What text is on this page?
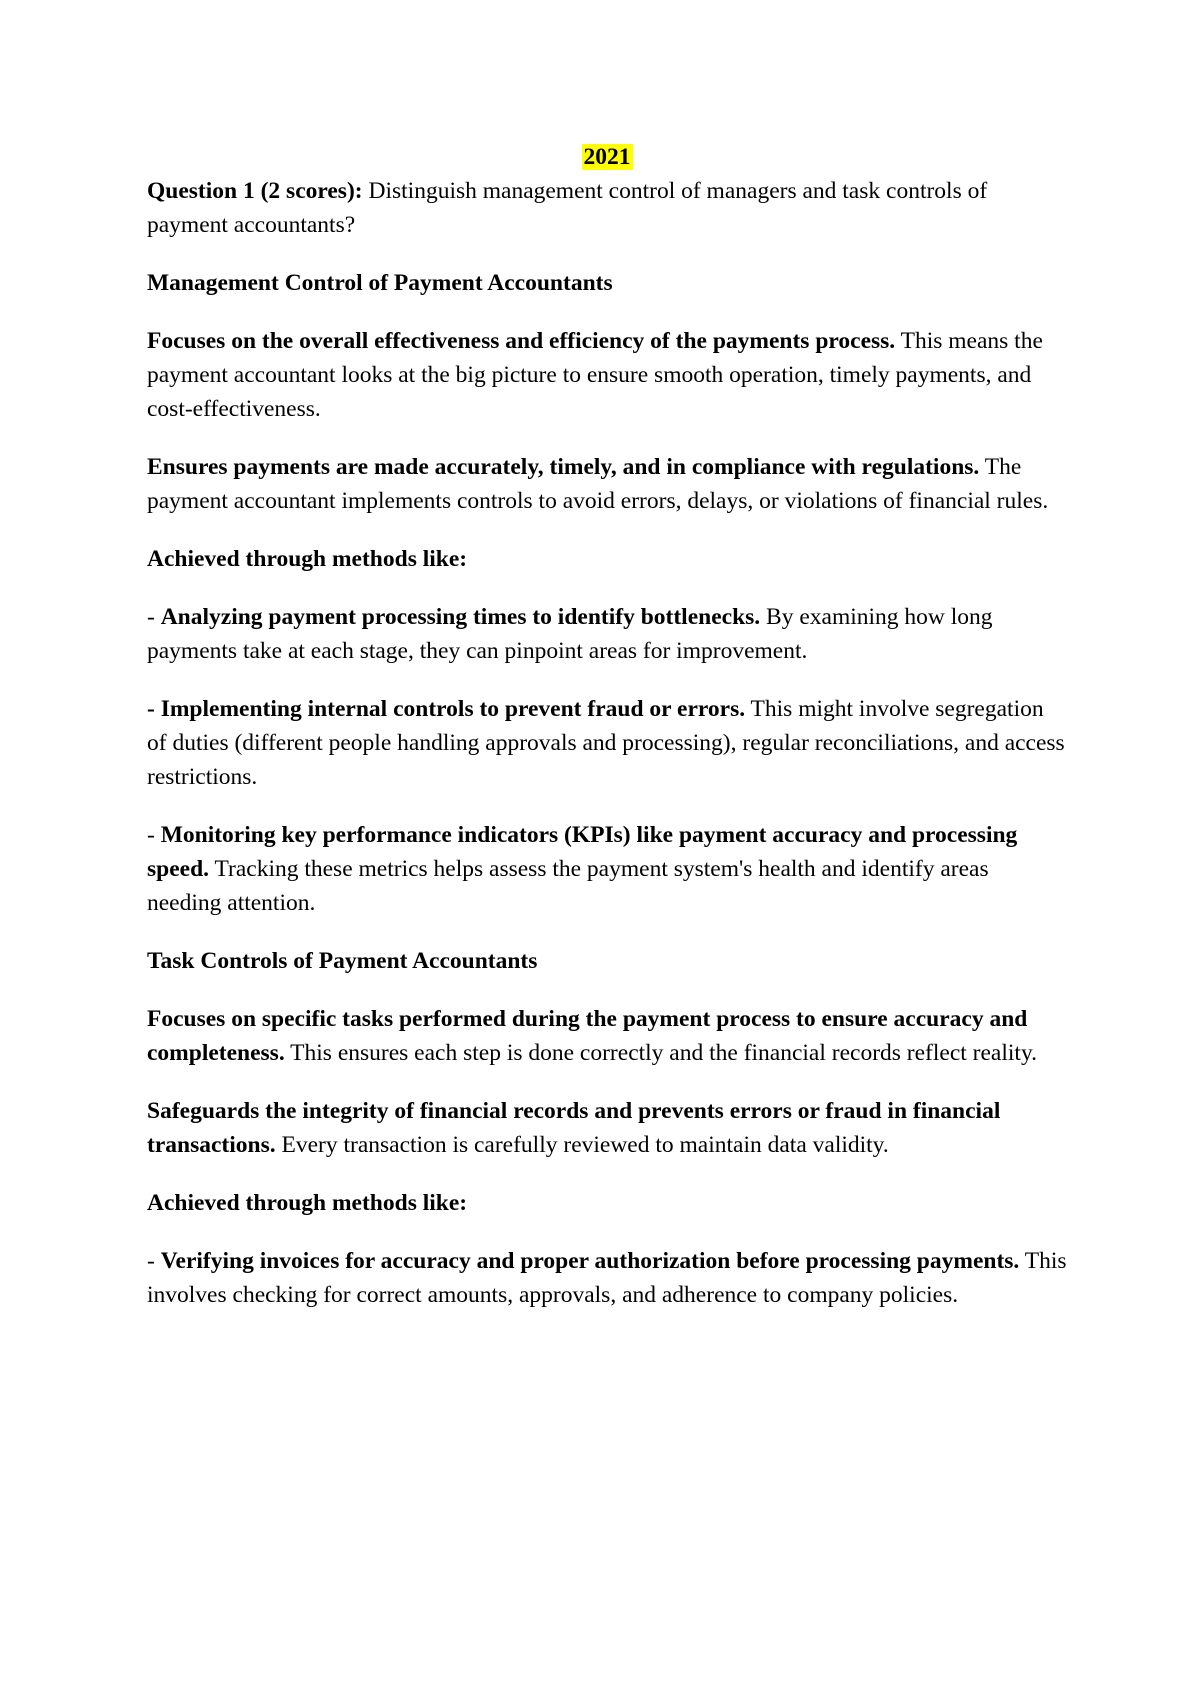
2021

Question 1 (2 scores): Distinguish management control of managers and task controls of payment accountants?

Management Control of Payment Accountants

Focuses on the overall effectiveness and efficiency of the payments process. This means the payment accountant looks at the big picture to ensure smooth operation, timely payments, and cost-effectiveness.

Ensures payments are made accurately, timely, and in compliance with regulations. The payment accountant implements controls to avoid errors, delays, or violations of financial rules.

Achieved through methods like:

- Analyzing payment processing times to identify bottlenecks. By examining how long payments take at each stage, they can pinpoint areas for improvement.

- Implementing internal controls to prevent fraud or errors. This might involve segregation of duties (different people handling approvals and processing), regular reconciliations, and access restrictions.

- Monitoring key performance indicators (KPIs) like payment accuracy and processing speed. Tracking these metrics helps assess the payment system's health and identify areas needing attention.

Task Controls of Payment Accountants

Focuses on specific tasks performed during the payment process to ensure accuracy and completeness. This ensures each step is done correctly and the financial records reflect reality.

Safeguards the integrity of financial records and prevents errors or fraud in financial transactions. Every transaction is carefully reviewed to maintain data validity.

Achieved through methods like:

- Verifying invoices for accuracy and proper authorization before processing payments. This involves checking for correct amounts, approvals, and adherence to company policies.
